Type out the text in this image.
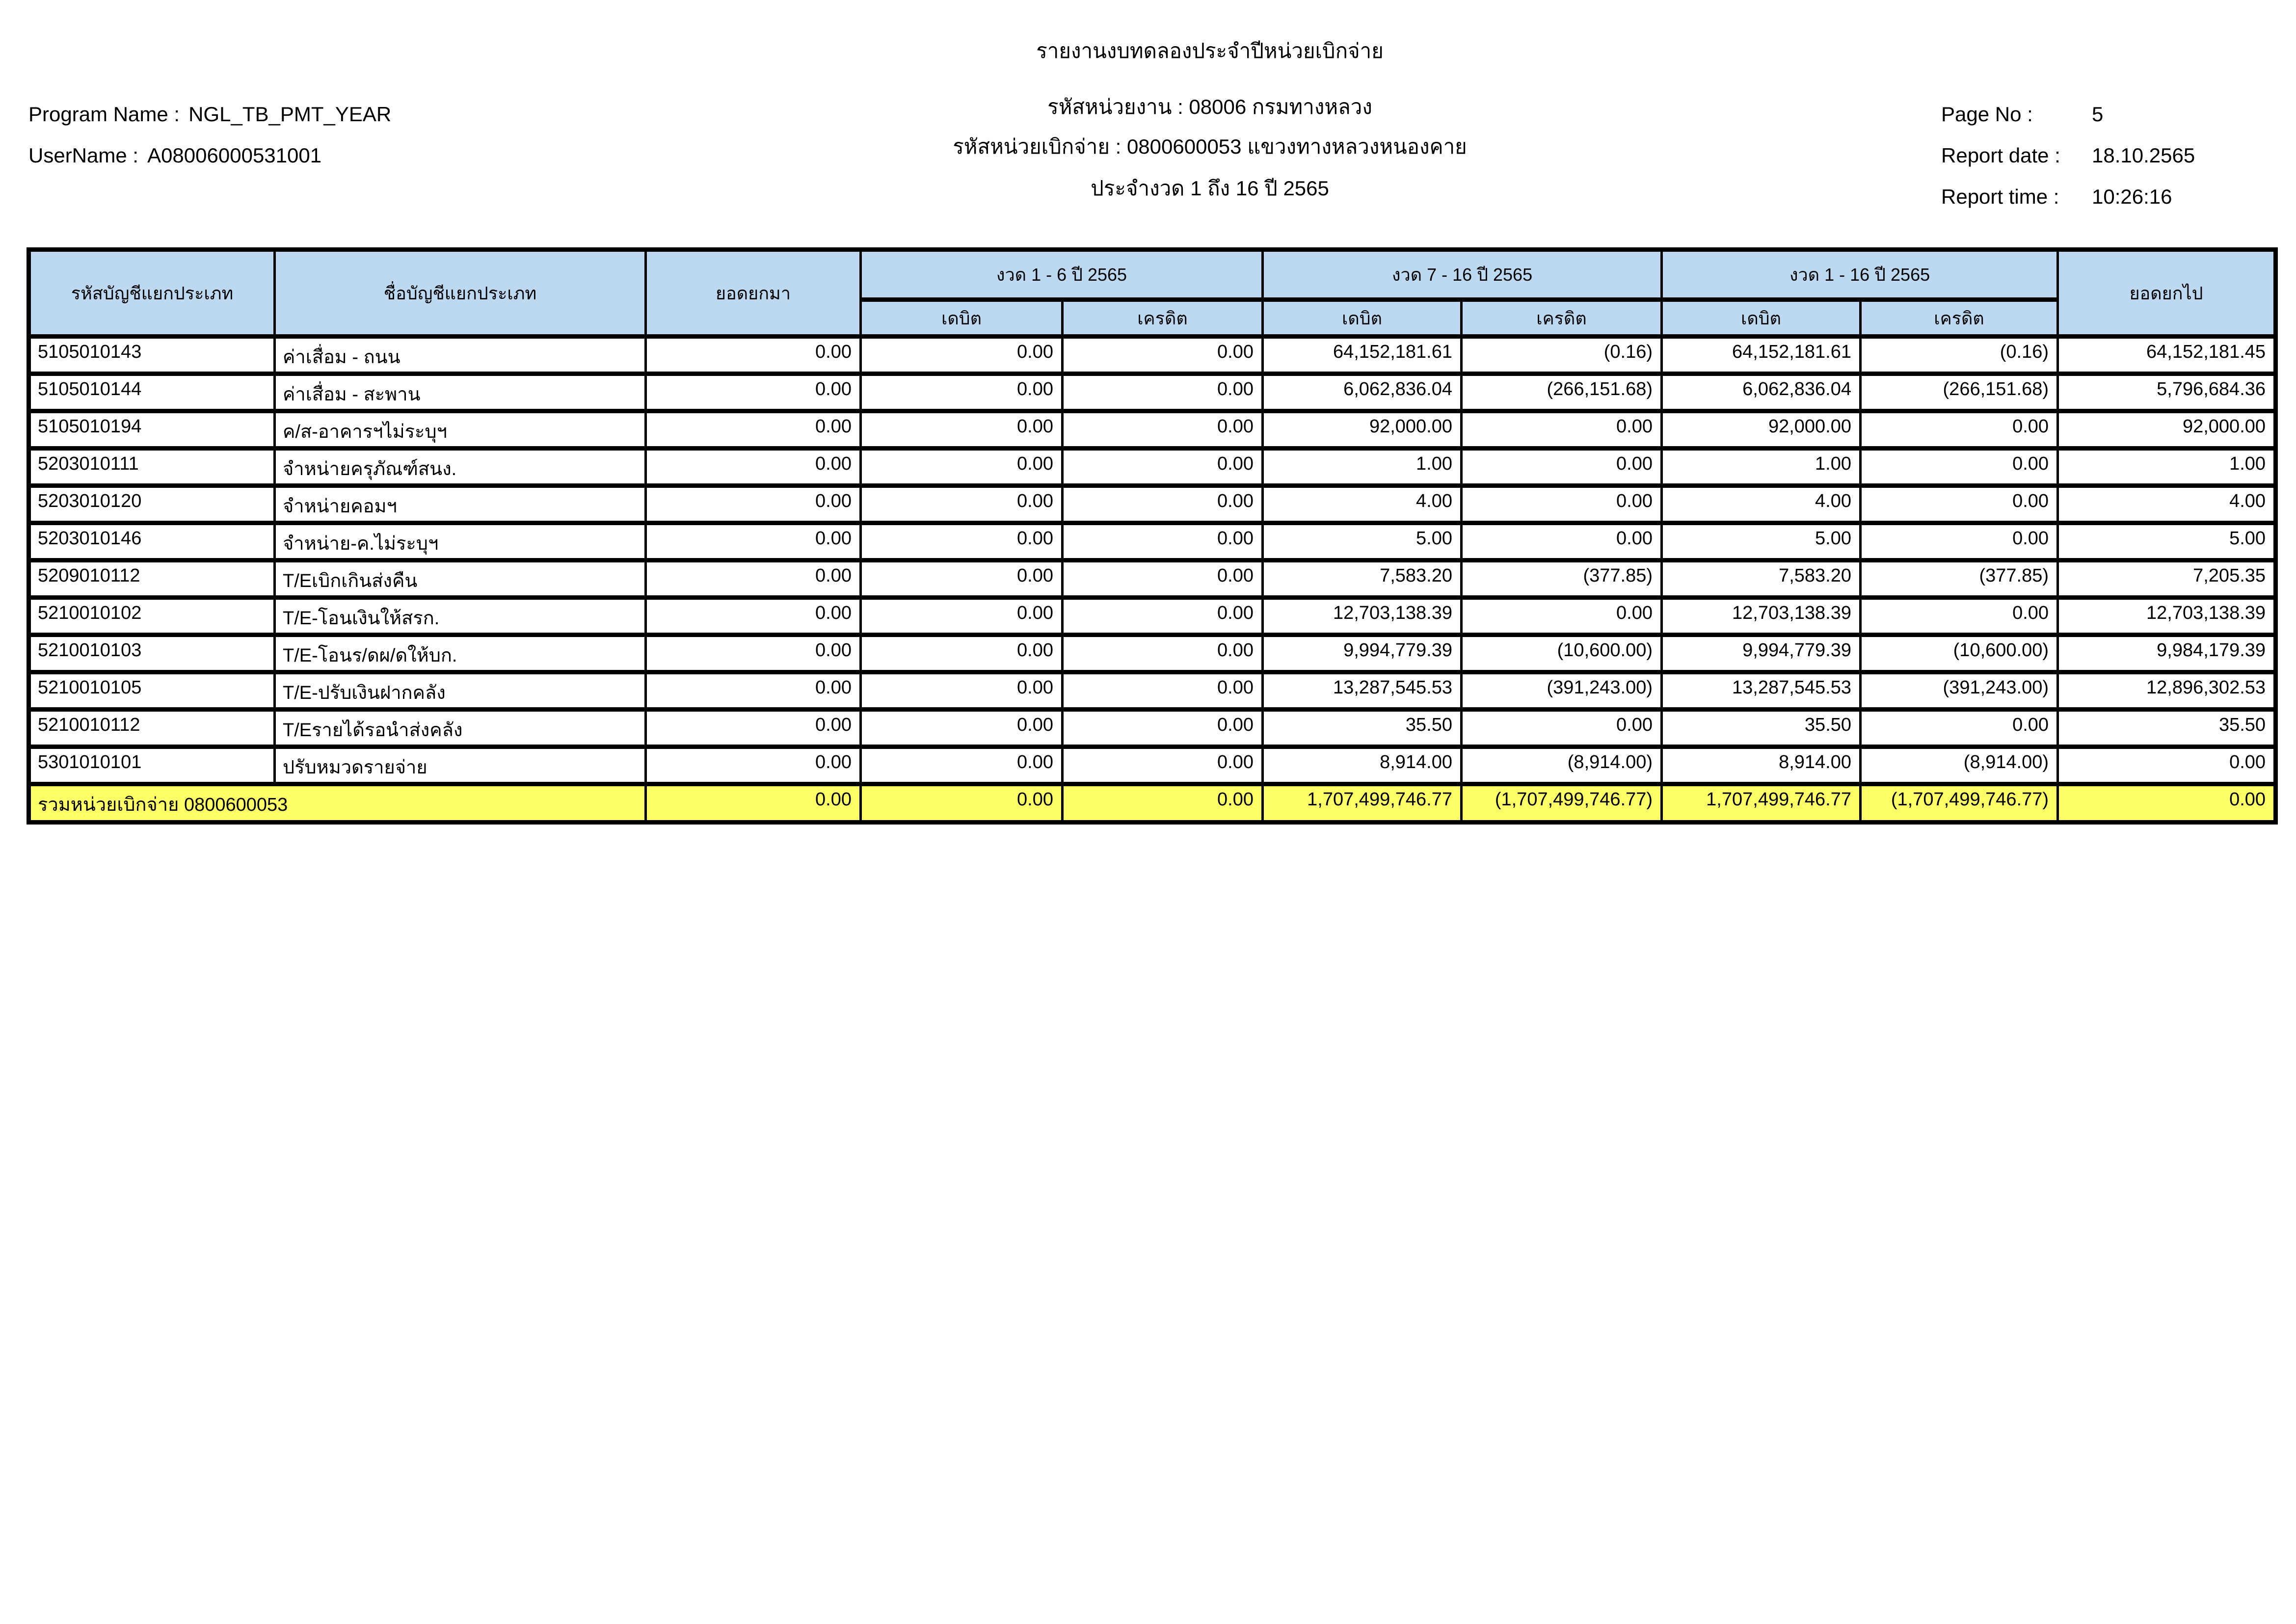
Program Name : NGL_TB_PMT_YEAR
UserName : A08006000531001
รายงานงบทดลองประจำปีหน่วยเบิกจ่าย
รหัสหน่วยงาน : 08006 กรมทางหลวง
รหัสหน่วยเบิกจ่าย : 0800600053 แขวงทางหลวงหนองคาย
ประจำงวด 1 ถึง 16 ปี 2565
Page No :	5
Report date : 18.10.2565
Report time : 10:26:16
รหัสบัญชีแยกประเภท	ชื่อบัญชีแยกประเภท	ยอดยกมา	งวด 1 - 6 ปี 2565		งวด 7 - 16 ปี 2565		งวด 1 - 16 ปี 2565		ยอดยกไป
			เดบิต	เครดิต	เดบิต	เครดิต	เดบิต	เครดิต	
5105010143	ค่าเสื่อม - ถนน	0.00	0.00	0.00	64,152,181.61	(0.16)	64,152,181.61	(0.16)	64,152,181.45
5105010144	ค่าเสื่อม - สะพาน	0.00	0.00	0.00	6,062,836.04	(266,151.68)	6,062,836.04	(266,151.68)	5,796,684.36
5105010194	ค/ส-อาคารฯไม่ระบุฯ	0.00	0.00	0.00	92,000.00	0.00	92,000.00	0.00	92,000.00
5203010111	จำหน่ายครุภัณฑ์สนง.	0.00	0.00	0.00	1.00	0.00	1.00	0.00	1.00
5203010120	จำหน่ายคอมฯ	0.00	0.00	0.00	4.00	0.00	4.00	0.00	4.00
5203010146	จำหน่าย-ค.ไม่ระบุฯ	0.00	0.00	0.00	5.00	0.00	5.00	0.00	5.00
5209010112	T/Eเบิกเกินส่งคืน	0.00	0.00	0.00	7,583.20	(377.85)	7,583.20	(377.85)	7,205.35
5210010102	T/E-โอนเงินให้สรก.	0.00	0.00	0.00	12,703,138.39	0.00	12,703,138.39	0.00	12,703,138.39
5210010103	T/E-โอนร/ดผ/ดให้บก.	0.00	0.00	0.00	9,994,779.39	(10,600.00)	9,994,779.39	(10,600.00)	9,984,179.39
5210010105	T/E-ปรับเงินฝากคลัง	0.00	0.00	0.00	13,287,545.53	(391,243.00)	13,287,545.53	(391,243.00)	12,896,302.53
5210010112	T/Eรายได้รอนำส่งคลัง	0.00	0.00	0.00	35.50	0.00	35.50	0.00	35.50
5301010101	ปรับหมวดรายจ่าย	0.00	0.00	0.00	8,914.00	(8,914.00)	8,914.00	(8,914.00)	0.00
รวมหน่วยเบิกจ่าย 0800600053		0.00	0.00	0.00	1,707,499,746.77	(1,707,499,746.77)	1,707,499,746.77	(1,707,499,746.77)	0.00
